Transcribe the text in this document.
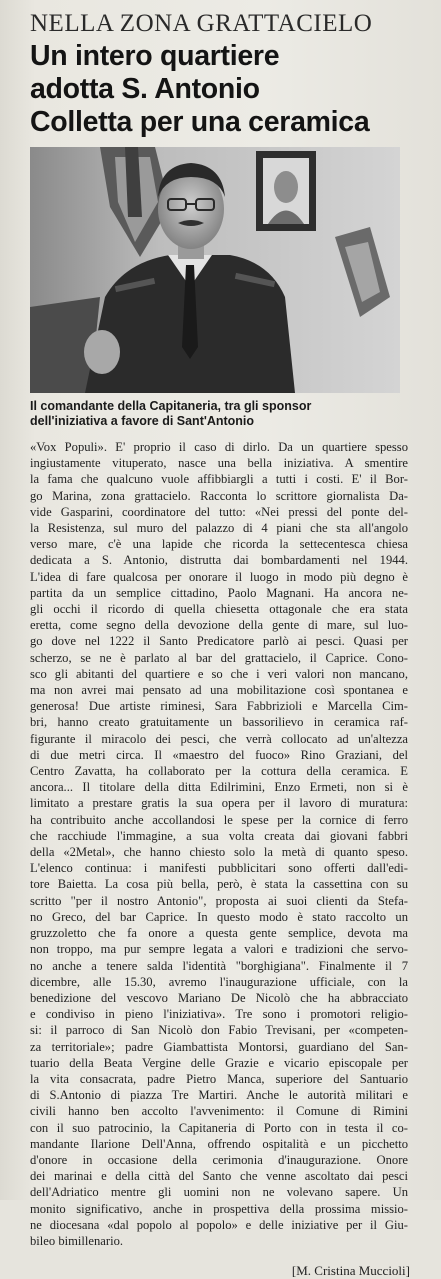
NELLA ZONA GRATTACIELO
Un intero quartiere
adotta S. Antonio
Colletta per una ceramica
Il comandante della Capitaneria, tra gli sponsor
dell'iniziativa a favore di Sant'Antonio
«Vox Populi». E' proprio il caso di dirlo. Da un quartiere spesso
ingiustamente vituperato, nasce una bella iniziativa. A smentire
la fama che qualcuno vuole affibbiargli a tutti i costi. E' il Bor-
go Marina, zona grattacielo. Racconta lo scrittore giornalista Da-
vide Gasparini, coordinatore del tutto: «Nei pressi del ponte del-
la Resistenza, sul muro del palazzo di 4 piani che sta all'angolo
verso mare, c'è una lapide che ricorda la settecentesca chiesa
dedicata a S. Antonio, distrutta dai bombardamenti nel 1944.
L'idea di fare qualcosa per onorare il luogo in modo più degno è
partita da un semplice cittadino, Paolo Magnani. Ha ancora ne-
gli occhi il ricordo di quella chiesetta ottagonale che era stata
eretta, come segno della devozione della gente di mare, sul luo-
go dove nel 1222 il Santo Predicatore parlò ai pesci. Quasi per
scherzo, se ne è parlato al bar del grattacielo, il Caprice. Cono-
sco gli abitanti del quartiere e so che i veri valori non mancano,
ma non avrei mai pensato ad una mobilitazione così spontanea e
generosa! Due artiste riminesi, Sara Fabbrizioli e Marcella Cim-
bri, hanno creato gratuitamente un bassorilievo in ceramica raf-
figurante il miracolo dei pesci, che verrà collocato ad un'altezza
di due metri circa. Il «maestro del fuoco» Rino Graziani, del
Centro Zavatta, ha collaborato per la cottura della ceramica. E
ancora... Il titolare della ditta Edilrimini, Enzo Ermeti, non si è
limitato a prestare gratis la sua opera per il lavoro di muratura:
ha contribuito anche accollandosi le spese per la cornice di ferro
che racchiude l'immagine, a sua volta creata dai giovani fabbri
della «2Metal», che hanno chiesto solo la metà di quanto speso.
L'elenco continua: i manifesti pubblicitari sono offerti dall'edi-
tore Baietta. La cosa più bella, però, è stata la cassettina con su
scritto "per il nostro Antonio", proposta ai suoi clienti da Stefa-
no Greco, del bar Caprice. In questo modo è stato raccolto un
gruzzoletto che fa onore a questa gente semplice, devota ma
non troppo, ma pur sempre legata a valori e tradizioni che servo-
no anche a tenere salda l'identità "borghigiana". Finalmente il 7
dicembre, alle 15.30, avremo l'inaugurazione ufficiale, con la
benedizione del vescovo Mariano De Nicolò che ha abbracciato
e condiviso in pieno l'iniziativa». Tre sono i promotori religio-
si: il parroco di San Nicolò don Fabio Trevisani, per «competen-
za territoriale»; padre Giambattista Montorsi, guardiano del San-
tuario della Beata Vergine delle Grazie e vicario episcopale per
la vita consacrata, padre Pietro Manca, superiore del Santuario
di S.Antonio di piazza Tre Martiri. Anche le autorità militari e
civili hanno ben accolto l'avvenimento: il Comune di Rimini
con il suo patrocinio, la Capitaneria di Porto con in testa il co-
mandante Ilarione Dell'Anna, offrendo ospitalità e un picchetto
d'onore in occasione della cerimonia d'inaugurazione. Onore
dei marinai e della città del Santo che venne ascoltato dai pesci
dell'Adriatico mentre gli uomini non ne volevano sapere. Un
monito significativo, anche in prospettiva della prossima missio-
ne diocesana «dal popolo al popolo» e delle iniziative per il Giu-
bileo bimillenario.
[M. Cristina Muccioli]
